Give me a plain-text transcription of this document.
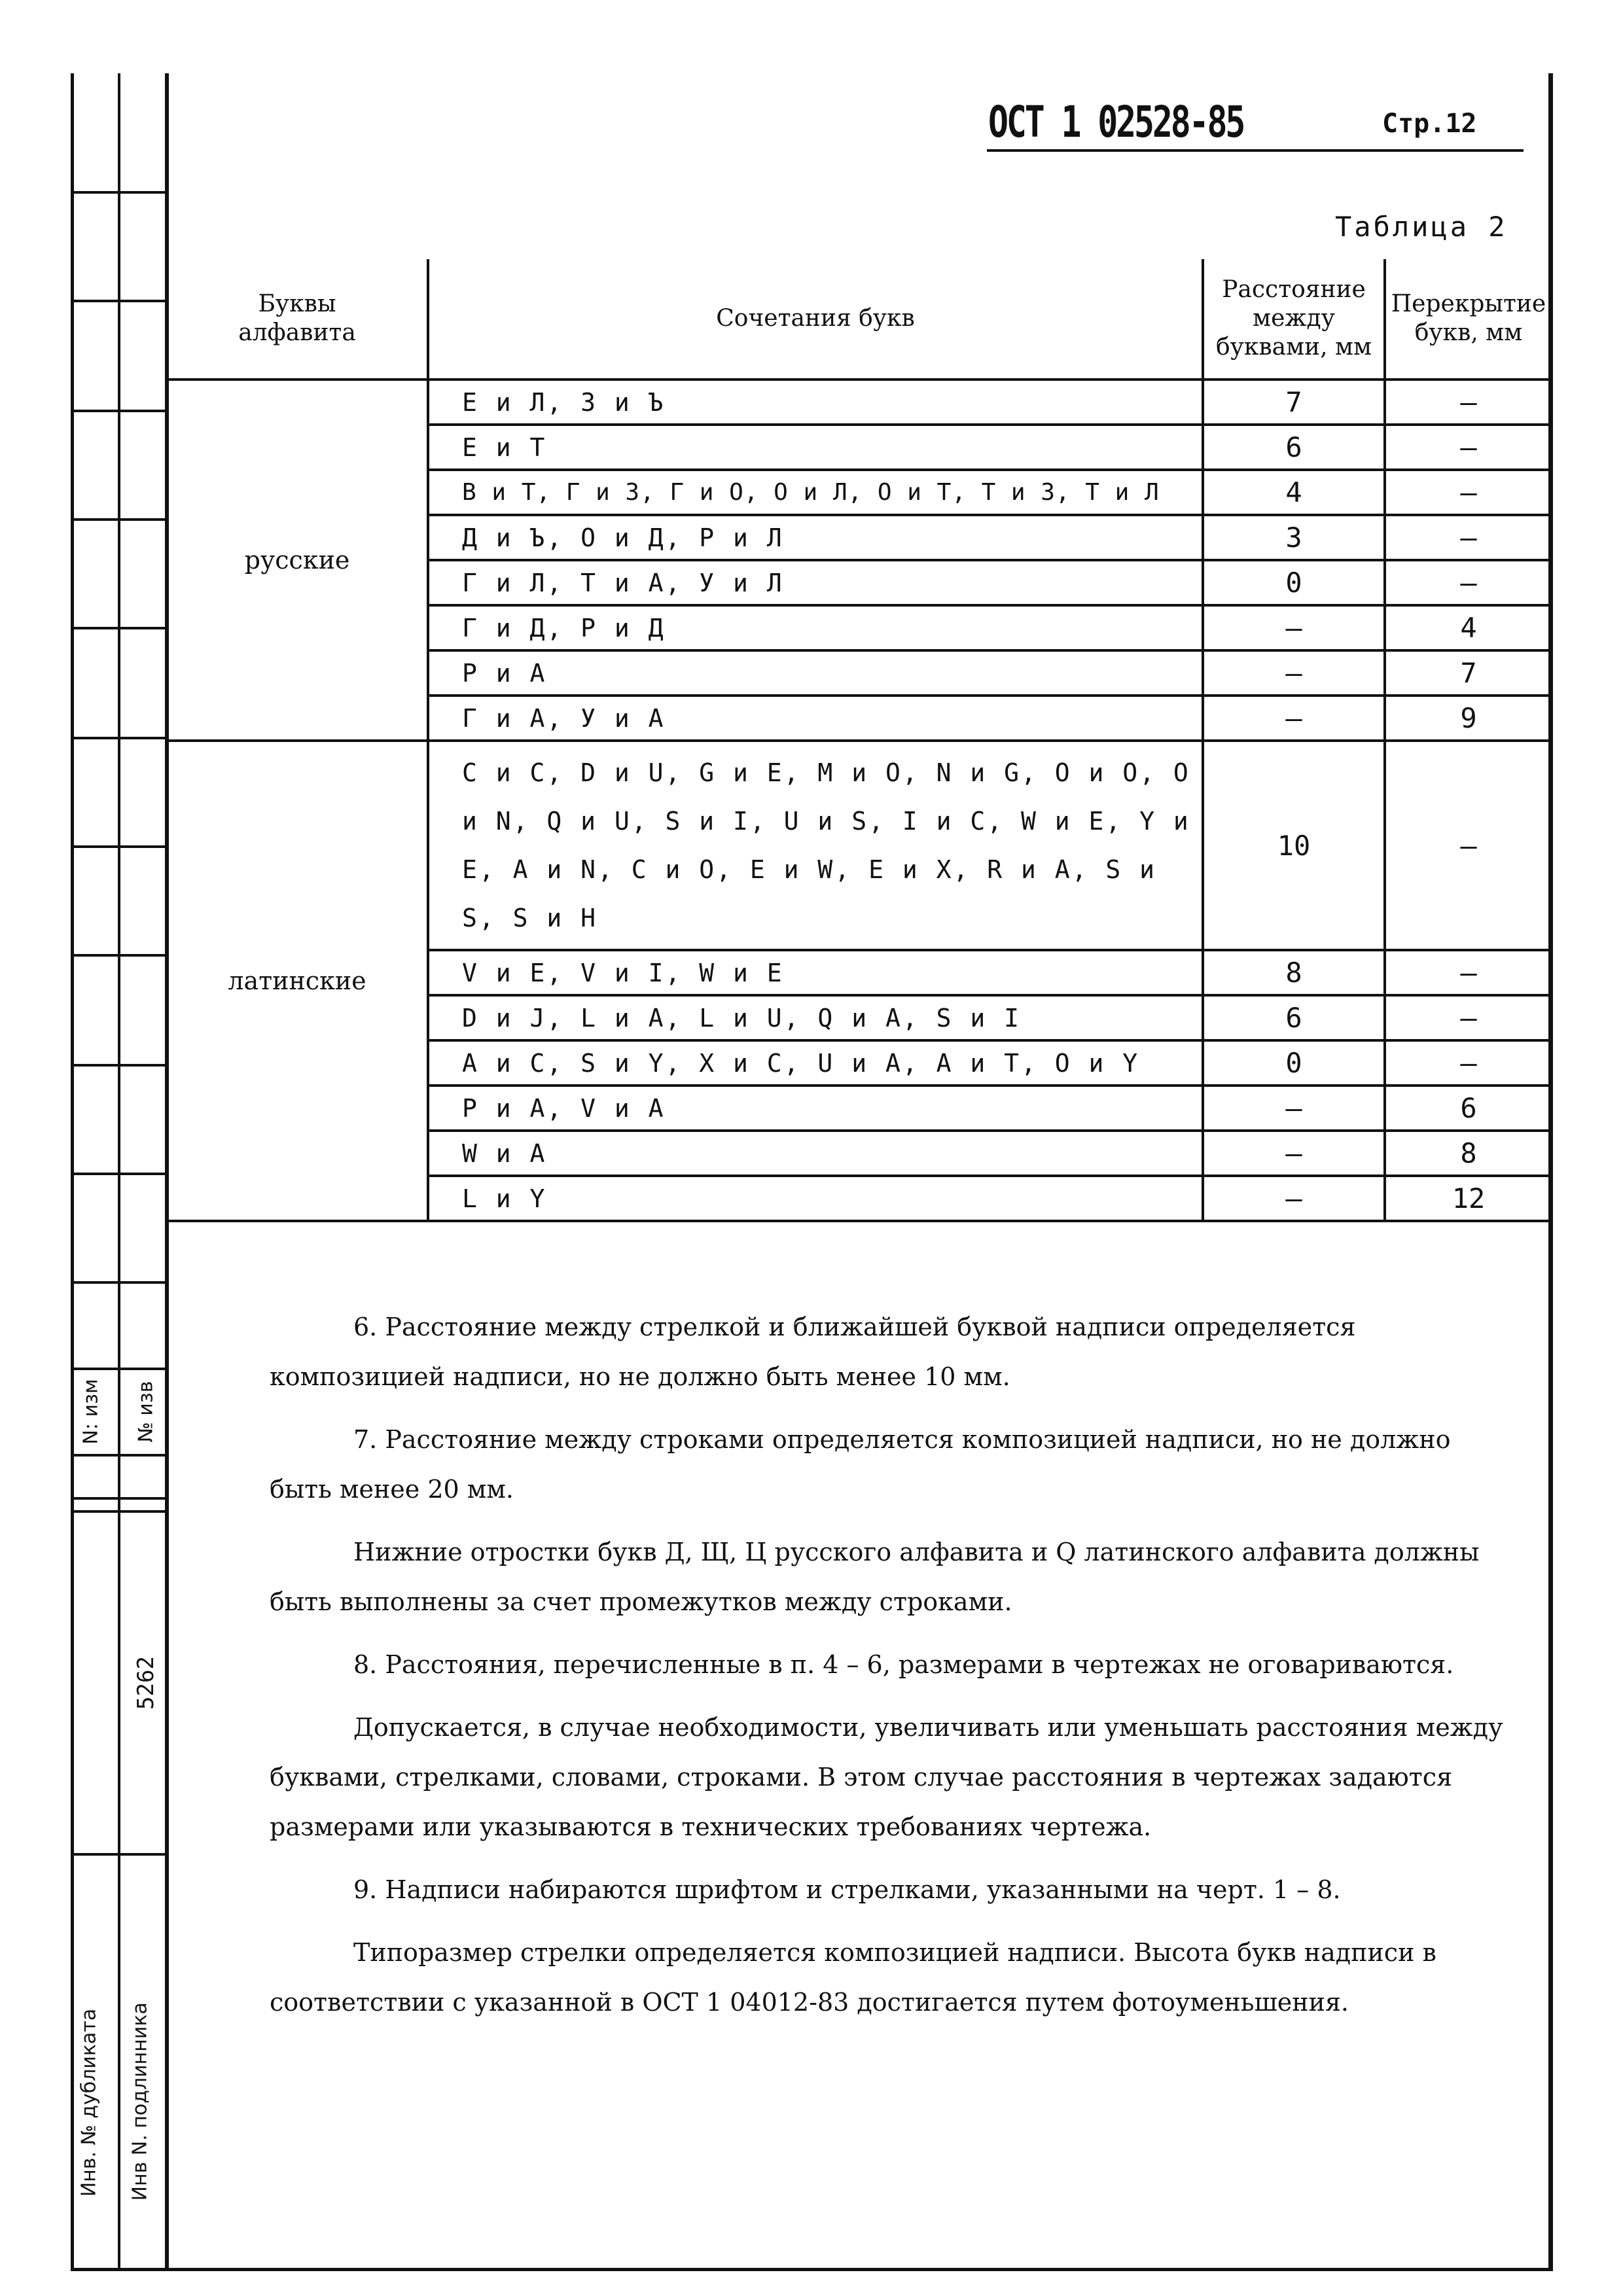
N: изм № изв
5262
Инв. № дубликата Инв N. подлинника
ОСТ 1 02528-85	Стр.12
Таблица 2
Буквы алфавита	Сочетания букв	Расстояние между буквами, мм	Перекрытие букв, мм
русские	Е и Л, З и Ъ	7	–
	Е и Т	6	–
	В и Т, Г и З, Г и О, О и Л, О и Т, Т и З, Т и Л	4	–
	Д и Ъ, О и Д, Р и Л	3	–
	Г и Л, Т и А, У и Л	0	–
	Г и Д, Р и Д	–	4
	Р и А	–	7
	Г и А, У и А	–	9
латинские	C и C, D и U, G и E, M и O, N и G, O и O, O и N, Q и U, S и I, U и S, I и C, W и E, Y и E, A и N, C и O, E и W, E и X, R и A, S и S, S и H	10	–
	V и E, V и I, W и E	8	–
	D и J, L и A, L и U, Q и A, S и I	6	–
	A и C, S и Y, X и C, U и A, A и T, O и Y	0	–
	P и A, V и A	–	6
	W и A	–	8
	L и Y	–	12

6. Расстояние между стрелкой и ближайшей буквой надписи определяется композицией надписи, но не должно быть менее 10 мм.

7. Расстояние между строками определяется композицией надписи, но не должно быть менее 20 мм.

Нижние отростки букв Д, Щ, Ц русского алфавита и Q латинского алфавита должны быть выполнены за счет промежутков между строками.

8. Расстояния, перечисленные в п. 4 – 6, размерами в чертежах не оговариваются.

Допускается, в случае необходимости, увеличивать или уменьшать расстояния между буквами, стрелками, словами, строками. В этом случае расстояния в чертежах задаются размерами или указываются в технических требованиях чертежа.

9. Надписи набираются шрифтом и стрелками, указанными на черт. 1 – 8.

Типоразмер стрелки определяется композицией надписи. Высота букв надписи в соответствии с указанной в ОСТ 1 04012-83 достигается путем фотоуменьшения.
